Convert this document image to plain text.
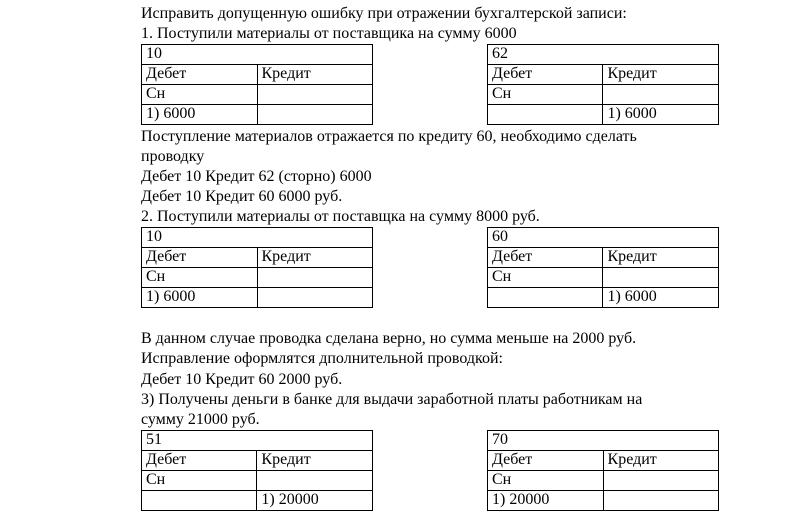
Исправить допущенную ошибку при отражении бухгалтерской записи:
1. Поступили материалы от поставщика на сумму 6000
10	
Дебет	Кредит
Сн	
1) 6000	
62	
Дебет	Кредит
Сн	
	1) 6000
Поступление материалов отражается по кредиту 60, необходимо сделать
проводку
Дебет 10 Кредит 62 (сторно) 6000
Дебет 10 Кредит 60 6000 руб.
2. Поступили материалы от поставщка на сумму 8000 руб.
10	
Дебет	Кредит
Сн	
1) 6000	
60	
Дебет	Кредит
Сн	
	1) 6000
В данном случае проводка сделана верно, но сумма меньше на 2000 руб.
Исправление оформлятся дполнительной проводкой:
Дебет 10 Кредит 60 2000 руб.
3) Получены деньги в банке для выдачи заработной платы работникам на
сумму 21000 руб.
51	
Дебет	Кредит
Сн	
	1) 20000
70	
Дебет	Кредит
Сн	
1) 20000	
